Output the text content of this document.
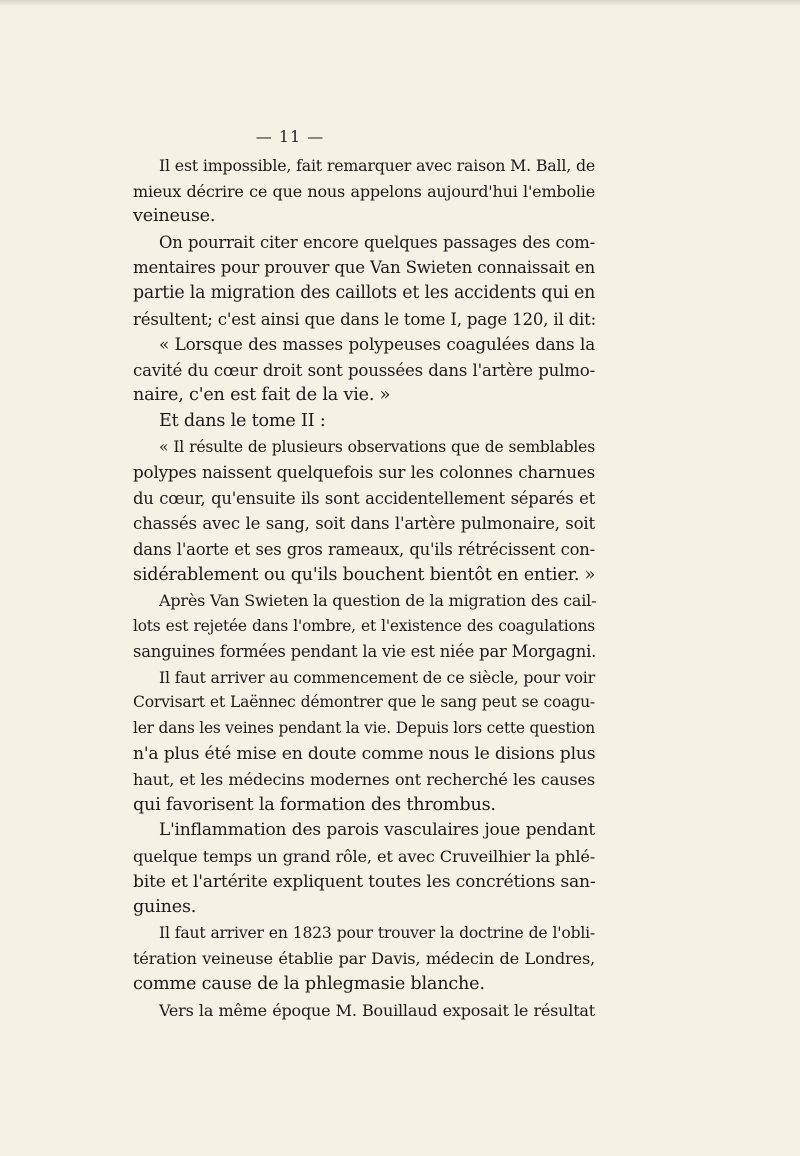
— 11 —
Il est impossible, fait remarquer avec raison M. Ball, de
mieux décrire ce que nous appelons aujourd'hui l'embolie
veineuse.
On pourrait citer encore quelques passages des com-
mentaires pour prouver que Van Swieten connaissait en
partie la migration des caillots et les accidents qui en
résultent; c'est ainsi que dans le tome I, page 120, il dit:
« Lorsque des masses polypeuses coagulées dans la
cavité du cœur droit sont poussées dans l'artère pulmo-
naire, c'en est fait de la vie. »
Et dans le tome II :
« Il résulte de plusieurs observations que de semblables
polypes naissent quelquefois sur les colonnes charnues
du cœur, qu'ensuite ils sont accidentellement séparés et
chassés avec le sang, soit dans l'artère pulmonaire, soit
dans l'aorte et ses gros rameaux, qu'ils rétrécissent con-
sidérablement ou qu'ils bouchent bientôt en entier. »
Après Van Swieten la question de la migration des cail-
lots est rejetée dans l'ombre, et l'existence des coagulations
sanguines formées pendant la vie est niée par Morgagni.
Il faut arriver au commencement de ce siècle, pour voir
Corvisart et Laënnec démontrer que le sang peut se coagu-
ler dans les veines pendant la vie. Depuis lors cette question
n'a plus été mise en doute comme nous le disions plus
haut, et les médecins modernes ont recherché les causes
qui favorisent la formation des thrombus.
L'inflammation des parois vasculaires joue pendant
quelque temps un grand rôle, et avec Cruveilhier la phlé-
bite et l'artérite expliquent toutes les concrétions san-
guines.
Il faut arriver en 1823 pour trouver la doctrine de l'obli-
tération veineuse établie par Davis, médecin de Londres,
comme cause de la phlegmasie blanche.
Vers la même époque M. Bouillaud exposait le résultat
